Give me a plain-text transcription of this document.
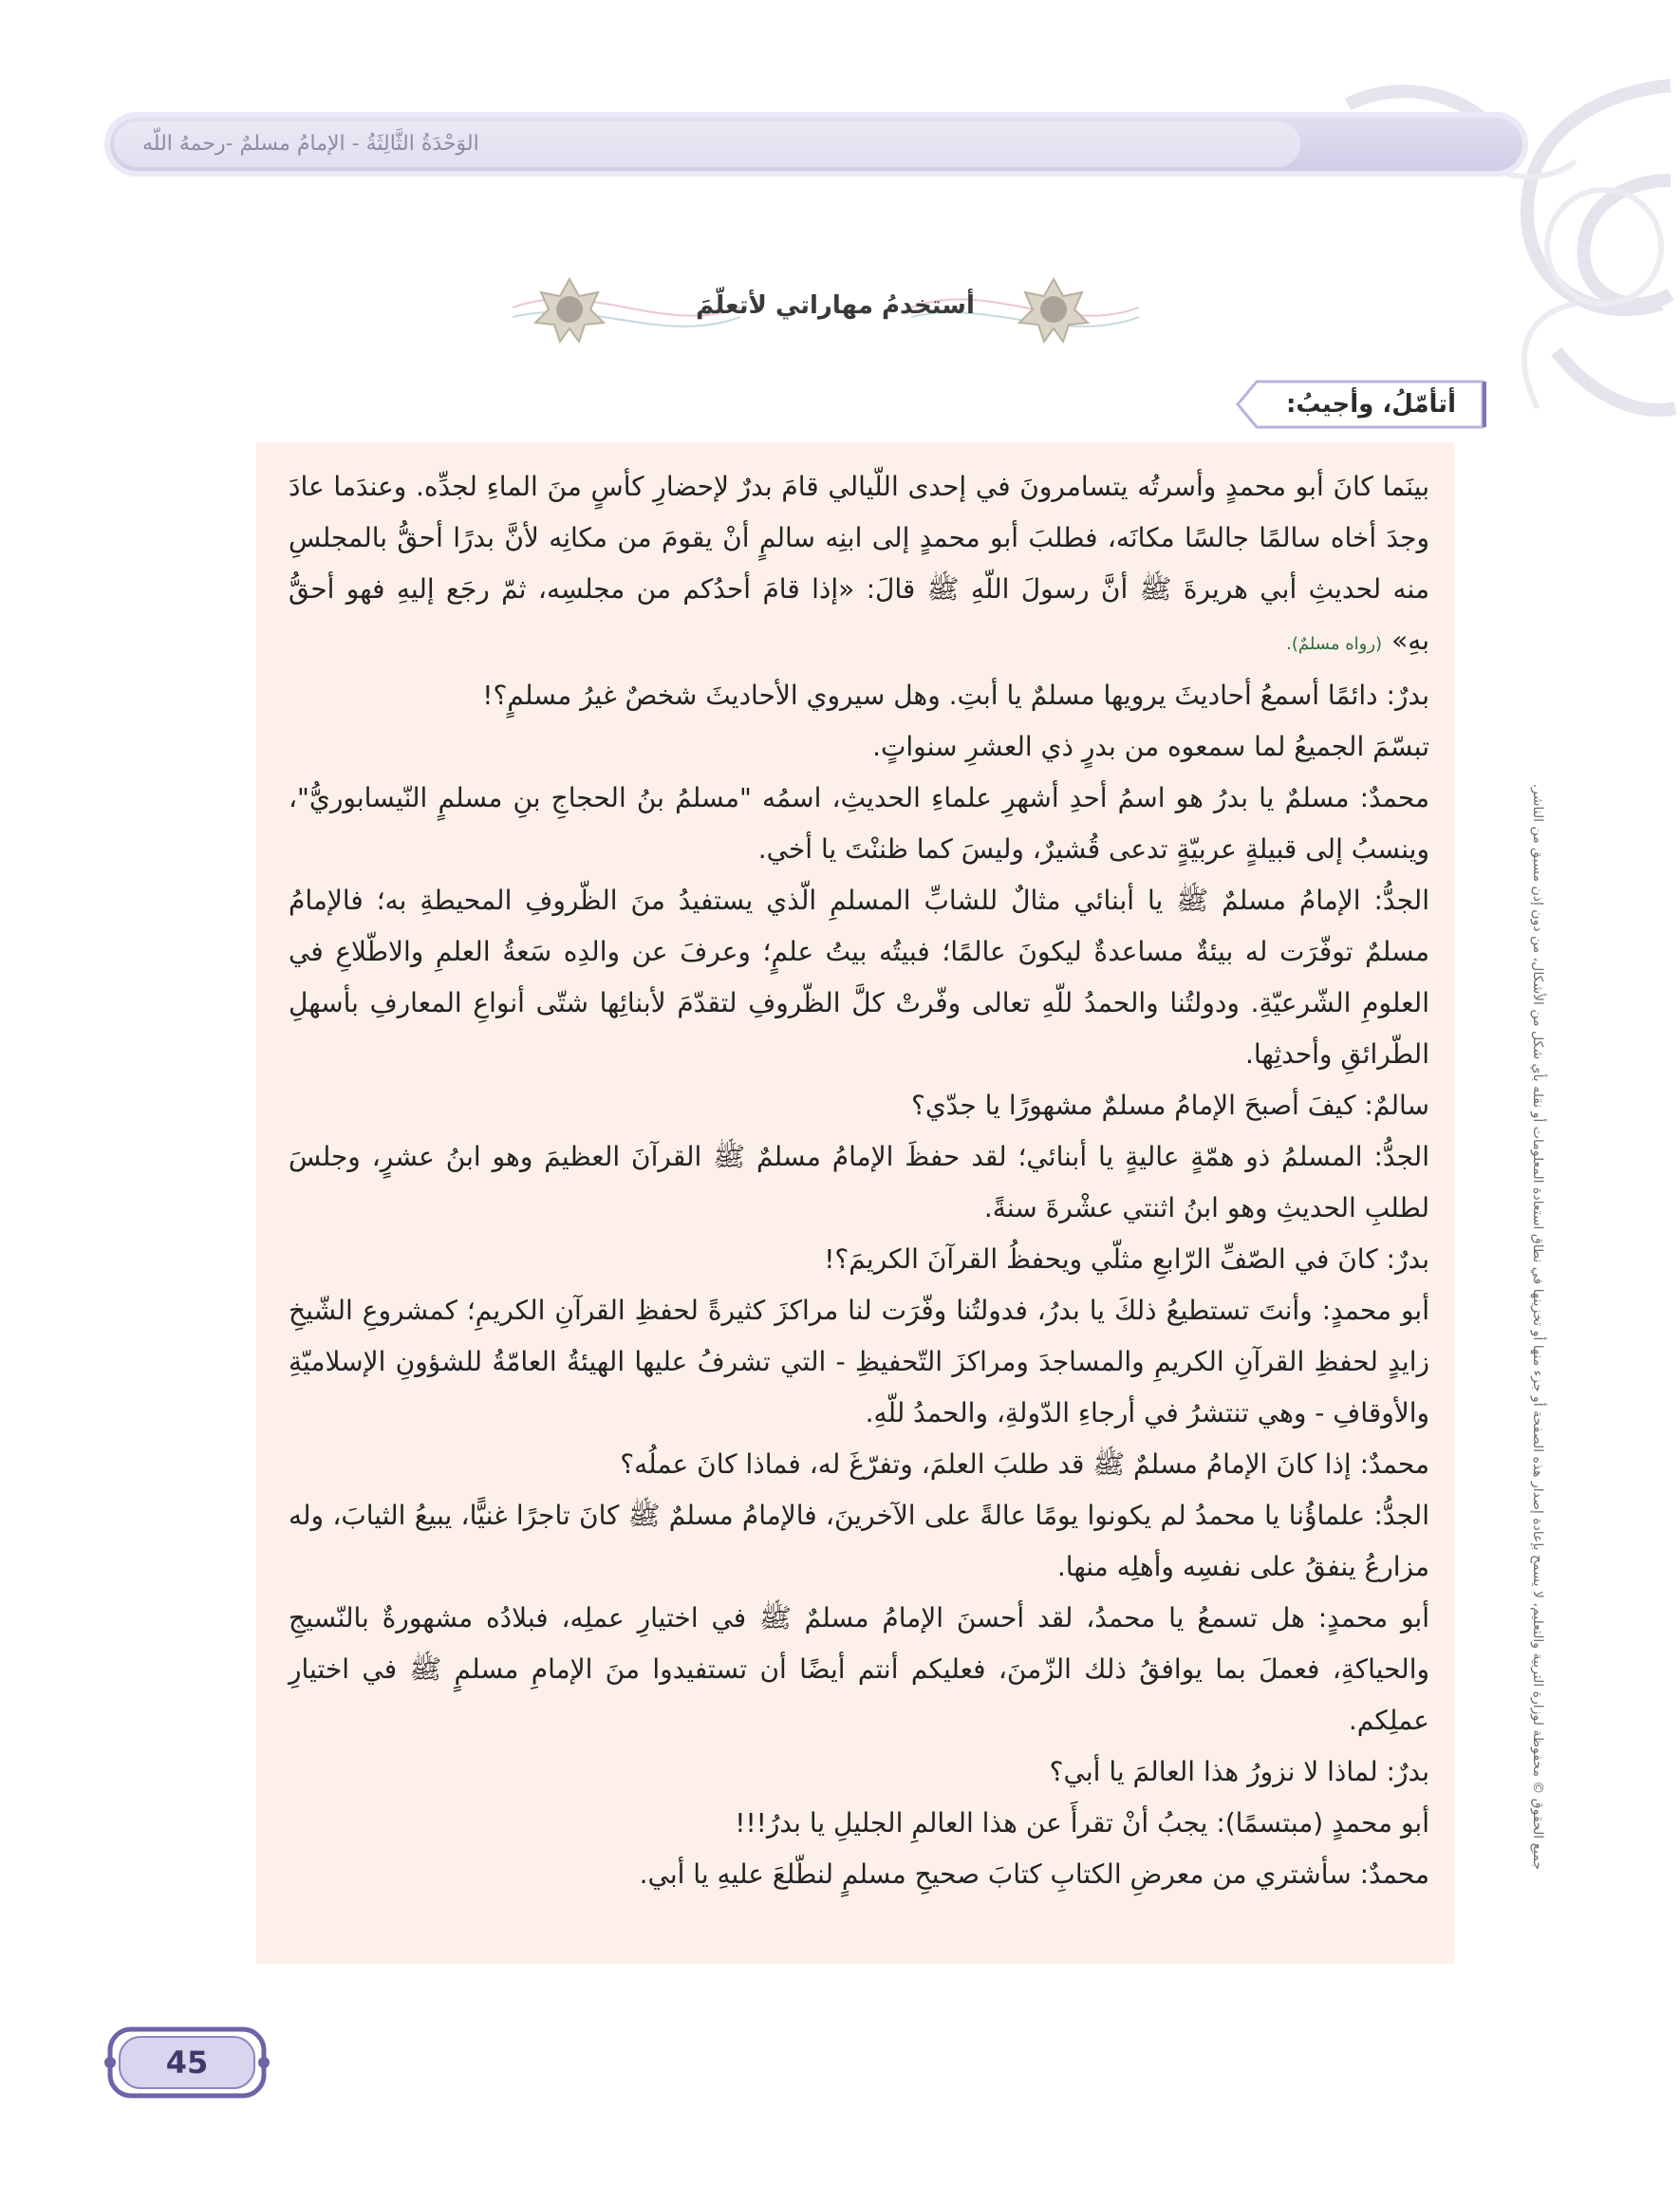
الوَحْدَةُ الثَّالِثَةُ - الإمامُ مسلمٌ -رحمهُ اللّه
أستخدمُ مهاراتي لأتعلّمَ
أتأمّلُ، وأجيبُ:
جميع الحقوق © محفوظة لوزارة التربية والتعليم، لا يسمح بإعادة إصدار هذه الصفحة أو جزء منها أو تخزينها في نطاق استعادة المعلومات أو نقله بأي شكل من الأشكال، من دون إذن مسبق من الناشر.

بينَما كانَ أبو محمدٍ وأسرتُه يتسامرونَ في إحدى اللّيالي قامَ بدرٌ لإحضارِ كأسٍ منَ الماءِ لجدِّه. وعندَما عادَ وجدَ أخاه سالمًا جالسًا مكانَه، فطلبَ أبو محمدٍ إلى ابنِه سالمٍ أنْ يقومَ من مكانِه لأنَّ بدرًا أحقُّ بالمجلسِ منه لحديثِ أبي هريرةَ ﷺ أنَّ رسولَ اللّهِ ﷺ قالَ: «إذا قامَ أحدُكم من مجلسِه، ثمّ رجَع إليهِ فهو أحقُّ بهِ»(رواه مسلمٌ).

بدرٌ: دائمًا أسمعُ أحاديثَ يرويها مسلمٌ يا أبتِ. وهل سيروي الأحاديثَ شخصٌ غيرُ مسلمٍ؟!

تبسّمَ الجميعُ لما سمعوه من بدرٍ ذي العشرِ سنواتٍ.

محمدٌ: مسلمٌ يا بدرُ هو اسمُ أحدِ أشهرِ علماءِ الحديثِ، اسمُه "مسلمُ بنُ الحجاجِ بنِ مسلمٍ النّيسابوريُّ"، وينسبُ إلى قبيلةٍ عربيّةٍ تدعى قُشيرٌ، وليسَ كما ظننْتَ يا أخي.

الجدُّ: الإمامُ مسلمٌ ﷺ يا أبنائي مثالٌ للشابِّ المسلمِ الّذي يستفيدُ منَ الظّروفِ المحيطةِ به؛ فالإمامُ مسلمٌ توفّرَت له بيئةٌ مساعدةٌ ليكونَ عالمًا؛ فبيتُه بيتُ علمٍ؛ وعرفَ عن والدِه سَعةُ العلمِ والاطّلاعِ في العلومِ الشّرعيّةِ. ودولتُنا والحمدُ للّهِ تعالى وفّرتْ كلَّ الظّروفِ لتقدّمَ لأبنائِها شتّى أنواعِ المعارفِ بأسهلِ الطّرائقِ وأحدثِها.

سالمٌ: كيفَ أصبحَ الإمامُ مسلمٌ مشهورًا يا جدّي؟

الجدُّ: المسلمُ ذو همّةٍ عاليةٍ يا أبنائي؛ لقد حفظَ الإمامُ مسلمٌ ﷺ القرآنَ العظيمَ وهو ابنُ عشرٍ، وجلسَ لطلبِ الحديثِ وهو ابنُ اثنتي عشْرةَ سنةً.

بدرٌ: كانَ في الصّفِّ الرّابعِ مثلّي ويحفظُ القرآنَ الكريمَ؟!

أبو محمدٍ: وأنتَ تستطيعُ ذلكَ يا بدرُ، فدولتُنا وفّرَت لنا مراكزَ كثيرةً لحفظِ القرآنِ الكريمِ؛ كمشروعِ الشّيخِ زايدٍ لحفظِ القرآنِ الكريمِ والمساجدَ ومراكزَ التّحفيظِ - التي تشرفُ عليها الهيئةُ العامّةُ للشؤونِ الإسلاميّةِ والأوقافِ - وهي تنتشرُ في أرجاءِ الدّولةِ، والحمدُ للّهِ.

محمدٌ: إذا كانَ الإمامُ مسلمٌ ﷺ قد طلبَ العلمَ، وتفرّغَ له، فماذا كانَ عملُه؟

الجدُّ: علماؤُنا يا محمدُ لم يكونوا يومًا عالةً على الآخرينَ، فالإمامُ مسلمٌ ﷺ كانَ تاجرًا غنيًّا، يبيعُ الثيابَ، وله مزارعُ ينفقُ على نفسِه وأهلِه منها.

أبو محمدٍ: هل تسمعُ يا محمدُ، لقد أحسنَ الإمامُ مسلمٌ ﷺ في اختيارِ عملِه، فبلادُه مشهورةٌ بالنّسيجِ والحياكةِ، فعملَ بما يوافقُ ذلك الزّمنَ، فعليكم أنتم أيضًا أن تستفيدوا منَ الإمامِ مسلمٍ ﷺ في اختيارِ عملِكم.

بدرٌ: لماذا لا نزورُ هذا العالمَ يا أبي؟

أبو محمدٍ (مبتسمًا): يجبُ أنْ تقرأَ عن هذا العالمِ الجليلِ يا بدرُ!!!

محمدٌ: سأشتري من معرضِ الكتابِ كتابَ صحيحِ مسلمٍ لنطّلعَ عليهِ يا أبي.

45
